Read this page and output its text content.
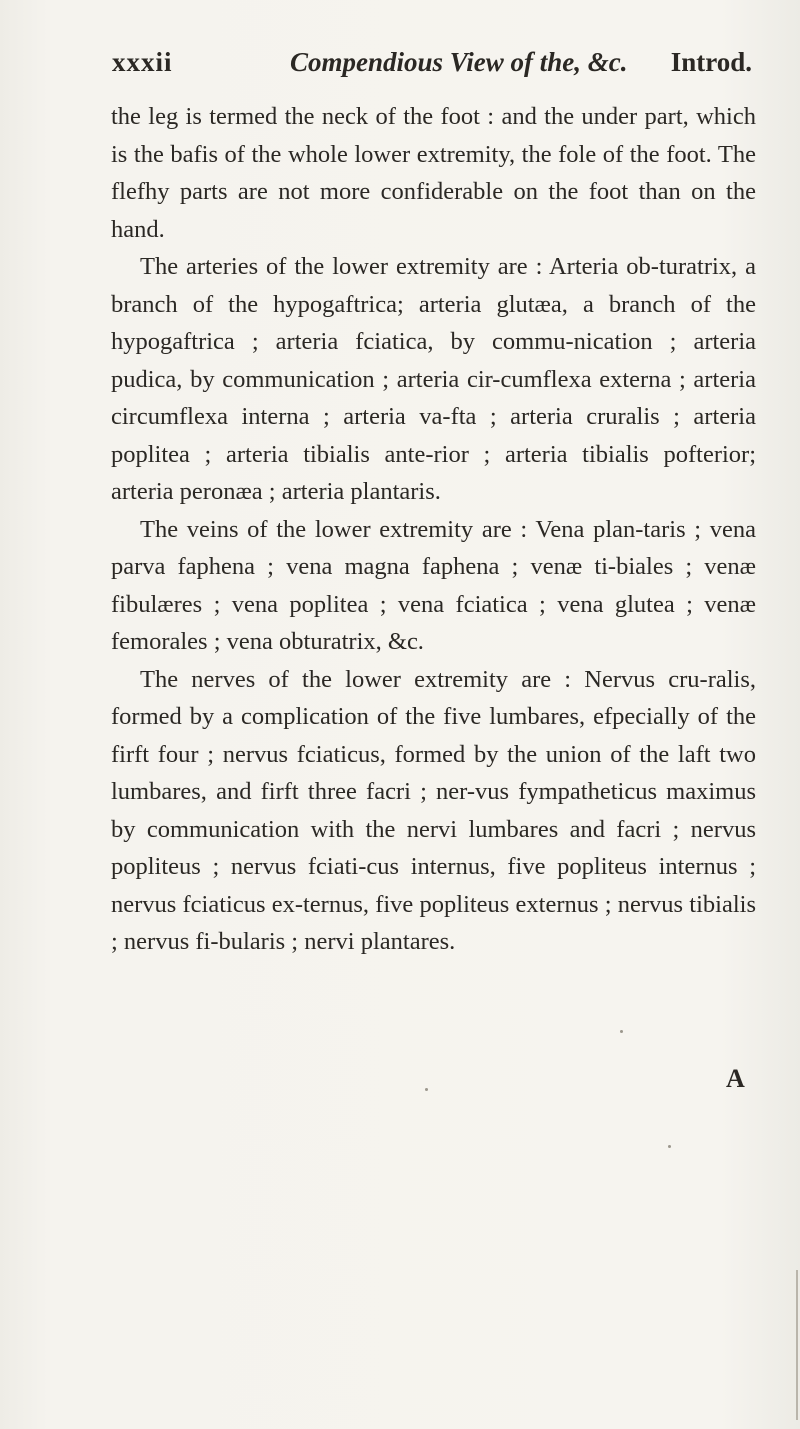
xxxii	Compendious View of the, &c. Introd.

the leg is termed the neck of the foot : and the under part, which is the bafis of the whole lower extremity, the fole of the foot. The flefhy parts are not more confiderable on the foot than on the hand.

The arteries of the lower extremity are : Arteria ob-turatrix, a branch of the hypogaftrica; arteria glutæa, a branch of the hypogaftrica ; arteria fciatica, by commu-nication ; arteria pudica, by communication ; arteria cir-cumflexa externa ; arteria circumflexa interna ; arteria va-fta ; arteria cruralis ; arteria poplitea ; arteria tibialis ante-rior ; arteria tibialis pofterior; arteria peronæa ; arteria plantaris.

The veins of the lower extremity are : Vena plan-taris ; vena parva faphena ; vena magna faphena ; venæ ti-biales ; venæ fibulæres ; vena poplitea ; vena fciatica ; vena glutea ; venæ femorales ; vena obturatrix, &c.

The nerves of the lower extremity are : Nervus cru-ralis, formed by a complication of the five lumbares, efpecially of the firft four ; nervus fciaticus, formed by the union of the laft two lumbares, and firft three facri ; ner-vus fympatheticus maximus by communication with the nervi lumbares and facri ; nervus popliteus ; nervus fciati-cus internus, five popliteus internus ; nervus fciaticus ex-ternus, five popliteus externus ; nervus tibialis ; nervus fi-bularis ; nervi plantares.

A
